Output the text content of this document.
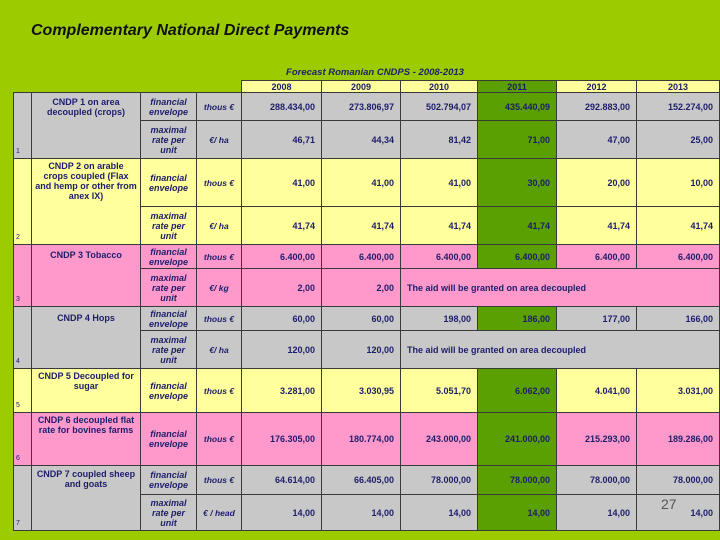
Complementary National Direct Payments
Forecast Romanian CNDPS - 2008-2013
				2008	2009	2010	2011	2012	2013
1	CNDP 1 on area decoupled (crops)	financial envelope	thous €	288.434,00	273.806,97	502.794,07	435.440,09	292.883,00	152.274,00
		maximal rate per unit	€/ ha	46,71	44,34	81,42	71,00	47,00	25,00
2	CNDP 2 on arable crops coupled (Flax and hemp or other from anex IX)	financial envelope	thous €	41,00	41,00	41,00	30,00	20,00	10,00
		maximal rate per unit	€/ ha	41,74	41,74	41,74	41,74	41,74	41,74
3	CNDP 3 Tobacco	financial envelope	thous €	6.400,00	6.400,00	6.400,00	6.400,00	6.400,00	6.400,00
		maximal rate per unit	€/ kg	2,00	2,00	The aid will be granted on area decoupled			
4	CNDP 4 Hops	financial envelope	thous €	60,00	60,00	198,00	186,00	177,00	166,00
		maximal rate per unit	€/ ha	120,00	120,00	The aid will be granted on area decoupled			
5	CNDP 5 Decoupled for sugar	financial envelope	thous €	3.281,00	3.030,95	5.051,70	6.062,00	4.041,00	3.031,00
6	CNDP 6 decoupled flat rate for bovines farms	financial envelope	thous €	176.305,00	180.774,00	243.000,00	241.000,00	215.293,00	189.286,00
7	CNDP 7 coupled sheep and goats	financial envelope	thous €	64.614,00	66.405,00	78.000,00	78.000,00	78.000,00	78.000,00
		maximal rate per unit	€ / head	14,00	14,00	14,00	14,00	14,00	14,00
27
